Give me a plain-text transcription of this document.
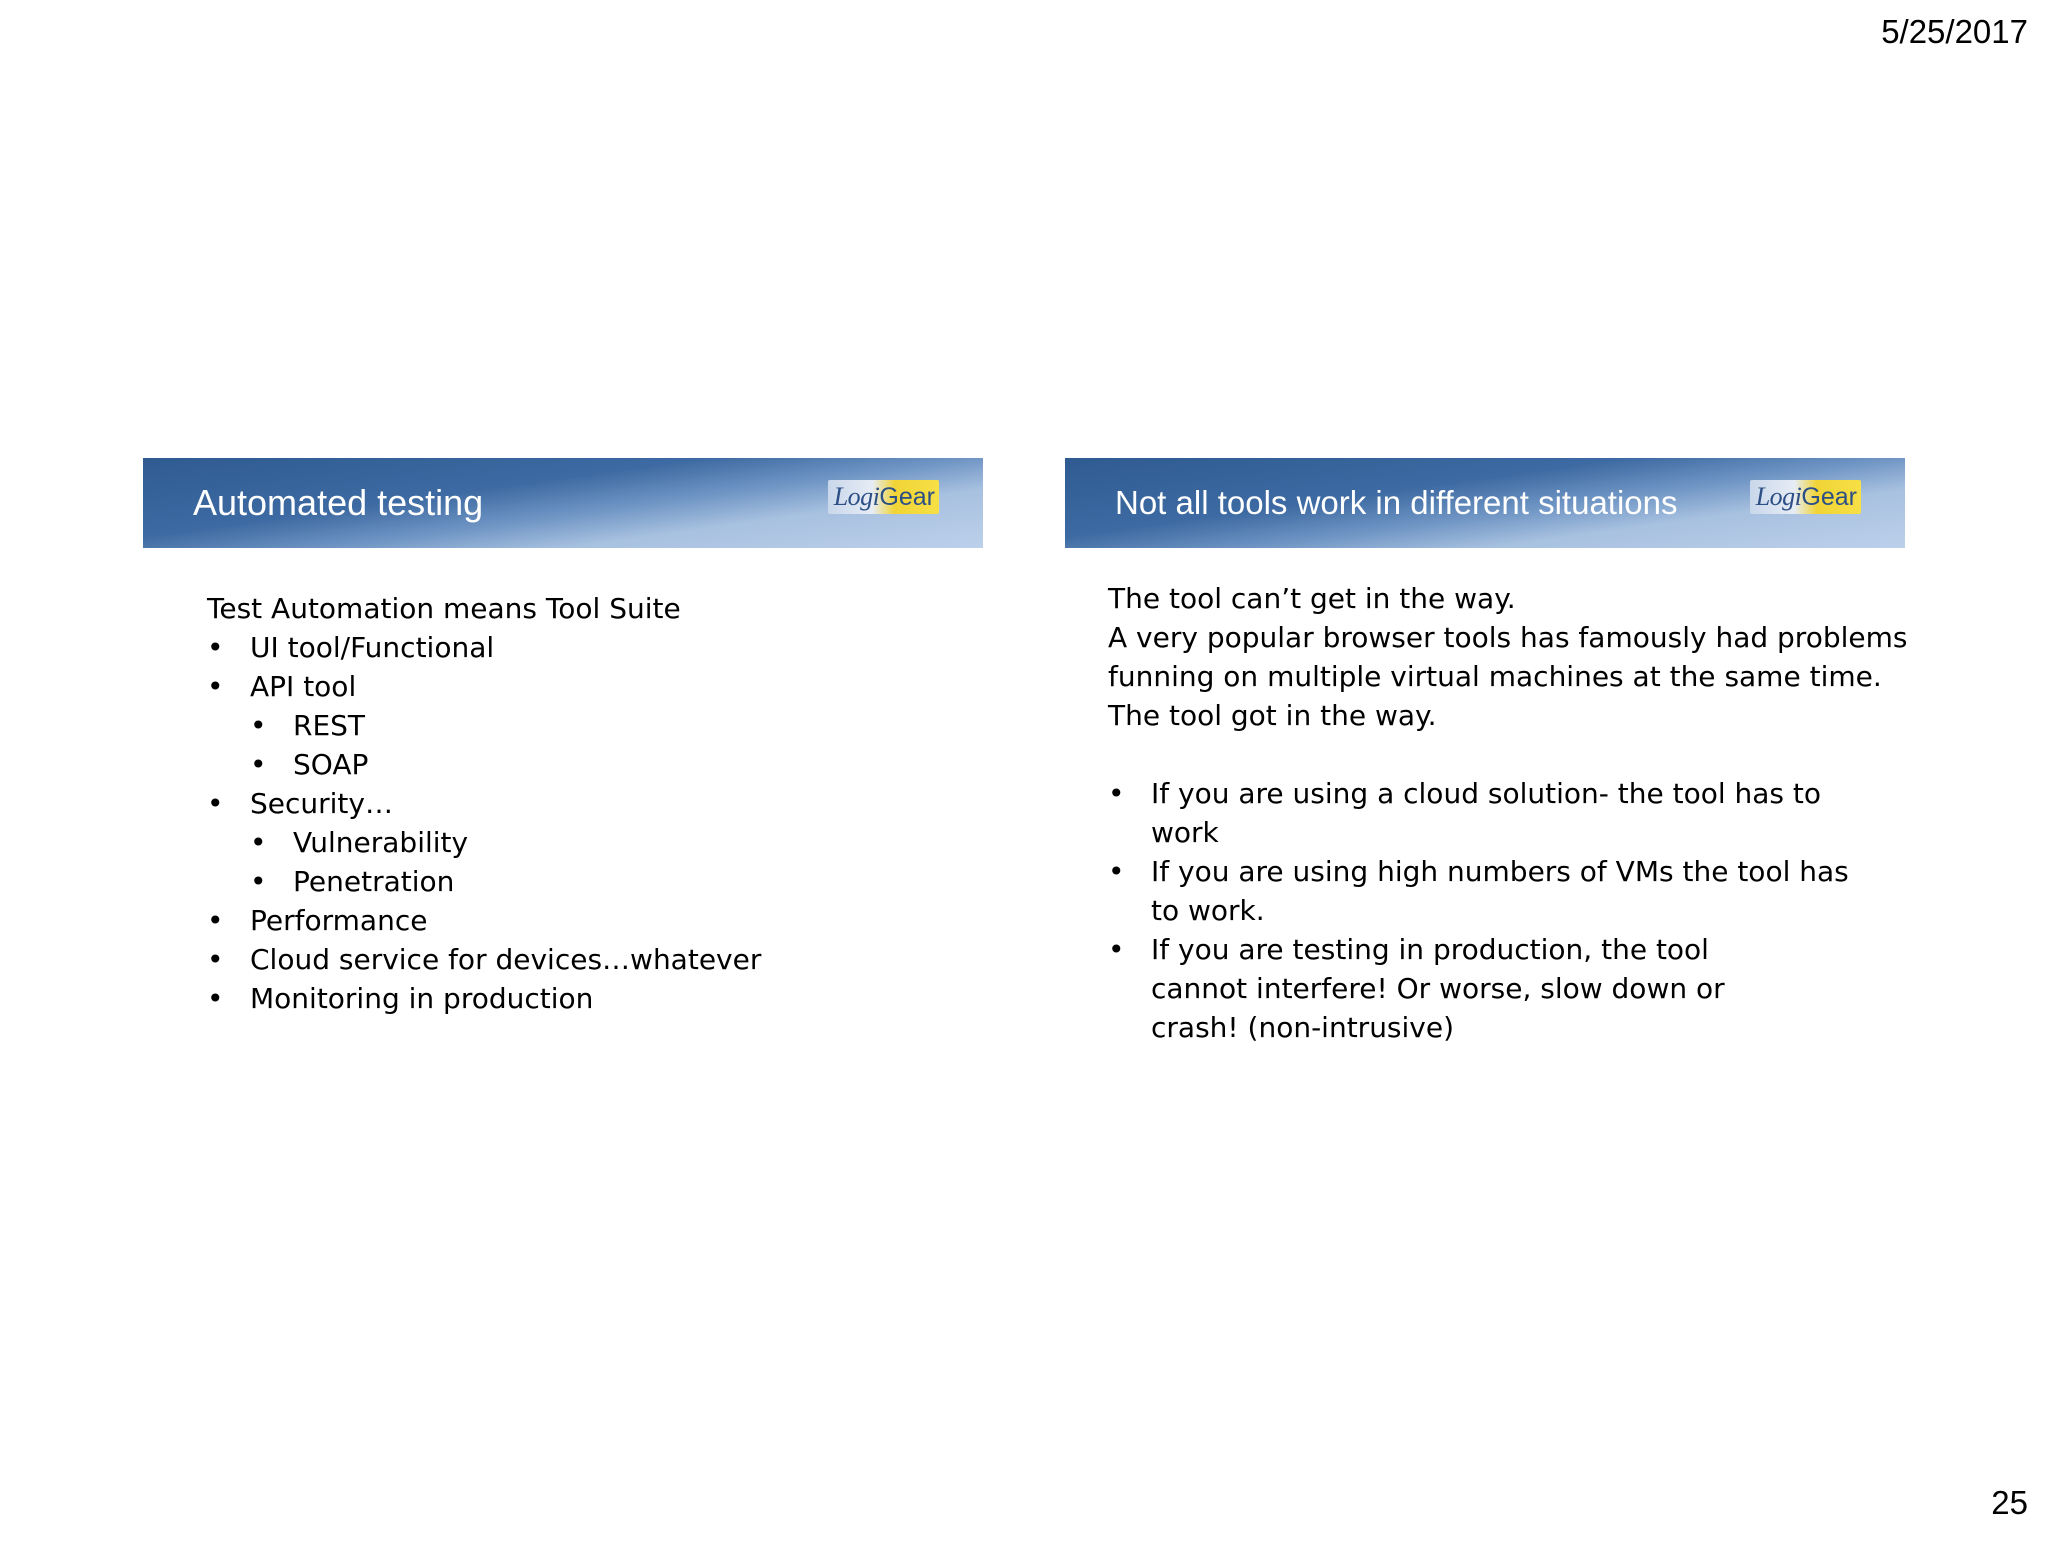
5/25/2017
Automated testing	Logi Gear
Test Automation means Tool Suite
• UI tool/Functional
• API tool
• REST
• SOAP
• Security…
• Vulnerability
• Penetration
• Performance
• Cloud service for devices…whatever
• Monitoring in production
Not all tools work in different situations	Logi Gear
The tool can’t get in the way.
A very popular browser tools has famously had problems
funning on multiple virtual machines at the same time.
The tool got in the way.
• If you are using a cloud solution- the tool has to work
• If you are using high numbers of VMs the tool has to work.
• If you are testing in production, the tool cannot interfere! Or worse, slow down or crash! (non-intrusive)
25
